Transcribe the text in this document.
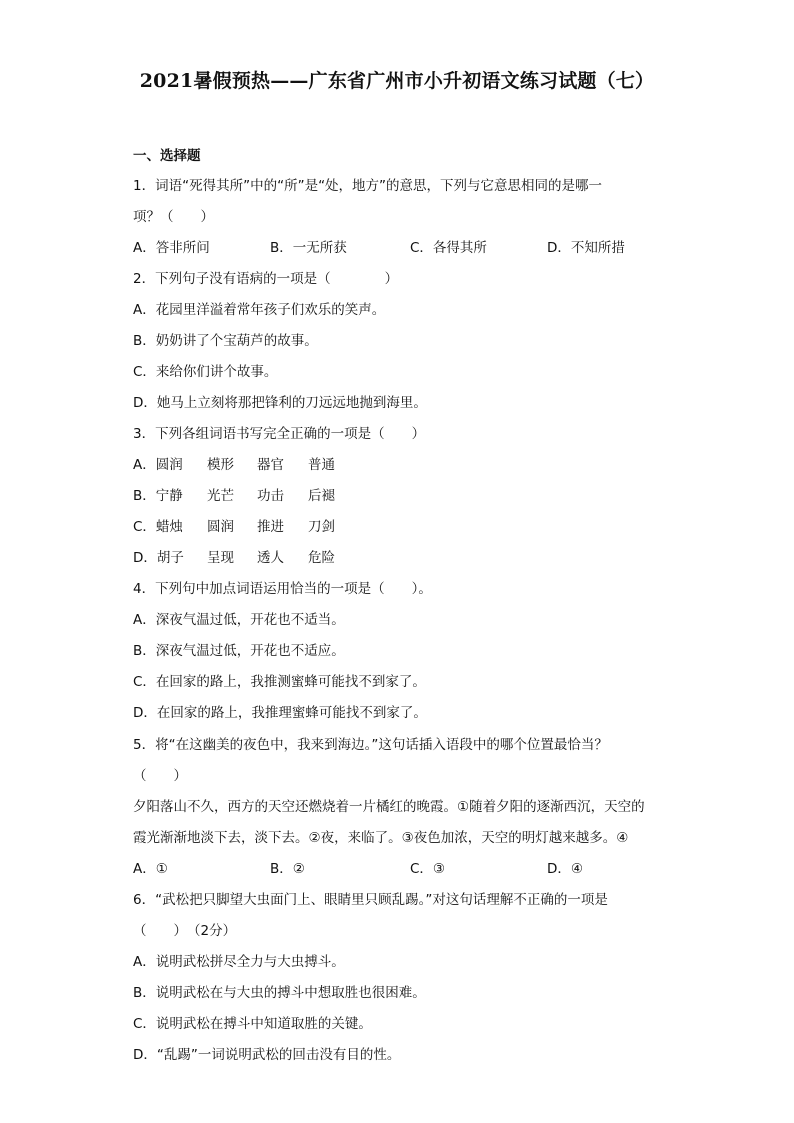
2021暑假预热——广东省广州市小升初语文练习试题（七）
一、选择题
1．词语“死得其所”中的“所”是“处，地方”的意思，下列与它意思相同的是哪一
项？（　　）
A．答非所问	B．一无所获	C．各得其所	D．不知所措
2．下列句子没有语病的一项是（　　　　）
A．花园里洋溢着常年孩子们欢乐的笑声。
B．奶奶讲了个宝葫芦的故事。
C．来给你们讲个故事。
D．她马上立刻将那把锋利的刀远远地抛到海里。
3．下列各组词语书写完全正确的一项是（　　）
A．圆润 模形 器官 普通
B．宁静 光芒 功击 后褪
C．蜡烛 圆润 推进 刀剑
D．胡子 呈现 透人 危险
4．下列句中加点词语运用恰当的一项是（　　）。
A．深夜气温过低，开花也不适当。
B．深夜气温过低，开花也不适应。
C．在回家的路上，我推测蜜蜂可能找不到家了。
D．在回家的路上，我推理蜜蜂可能找不到家了。
5．将“在这幽美的夜色中，我来到海边。”这句话插入语段中的哪个位置最恰当？
（　　）
夕阳落山不久，西方的天空还燃烧着一片橘红的晚霞。①随着夕阳的逐渐西沉，天空的
霞光渐渐地淡下去，淡下去。②夜，来临了。③夜色加浓，天空的明灯越来越多。④
A．①	B．②	C．③	D．④
6．“武松把只脚望大虫面门上、眼睛里只顾乱踢。”对这句话理解不正确的一项是
（　　）　（2分）
A．说明武松拼尽全力与大虫搏斗。
B．说明武松在与大虫的搏斗中想取胜也很困难。
C．说明武松在搏斗中知道取胜的关键。
D．“乱踢”一词说明武松的回击没有目的性。
